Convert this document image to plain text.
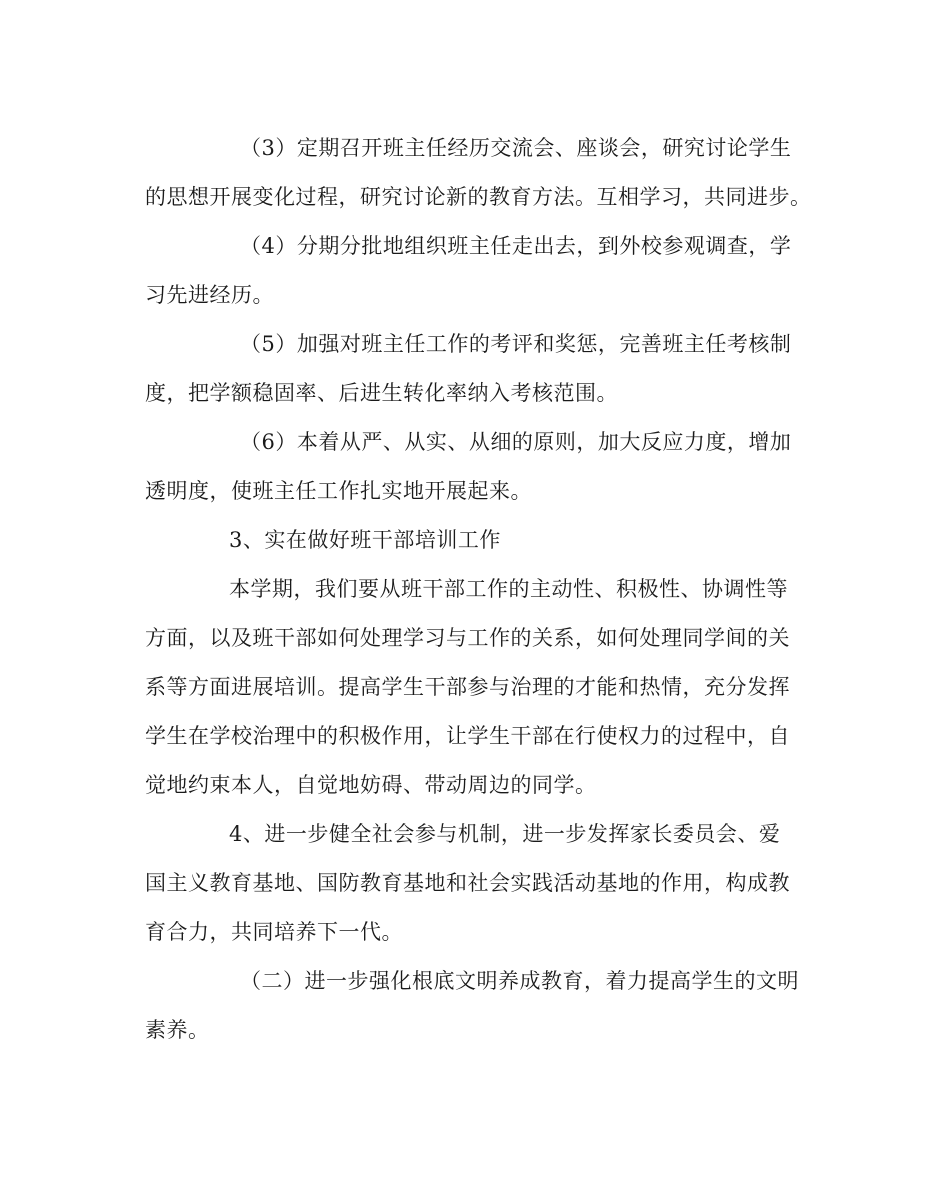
（3）定期召开班主任经历交流会、座谈会，研究讨论学生
的思想开展变化过程，研究讨论新的教育方法。互相学习，共同进步。
（4）分期分批地组织班主任走出去，到外校参观调查，学
习先进经历。
（5）加强对班主任工作的考评和奖惩，完善班主任考核制
度，把学额稳固率、后进生转化率纳入考核范围。
（6）本着从严、从实、从细的原则，加大反应力度，增加
透明度，使班主任工作扎实地开展起来。
3、实在做好班干部培训工作
本学期，我们要从班干部工作的主动性、积极性、协调性等
方面，以及班干部如何处理学习与工作的关系，如何处理同学间的关
系等方面进展培训。提高学生干部参与治理的才能和热情，充分发挥
学生在学校治理中的积极作用，让学生干部在行使权力的过程中，自
觉地约束本人，自觉地妨碍、带动周边的同学。
4、进一步健全社会参与机制，进一步发挥家长委员会、爱
国主义教育基地、国防教育基地和社会实践活动基地的作用，构成教
育合力，共同培养下一代。
（二）进一步强化根底文明养成教育，着力提高学生的文明
素养。
